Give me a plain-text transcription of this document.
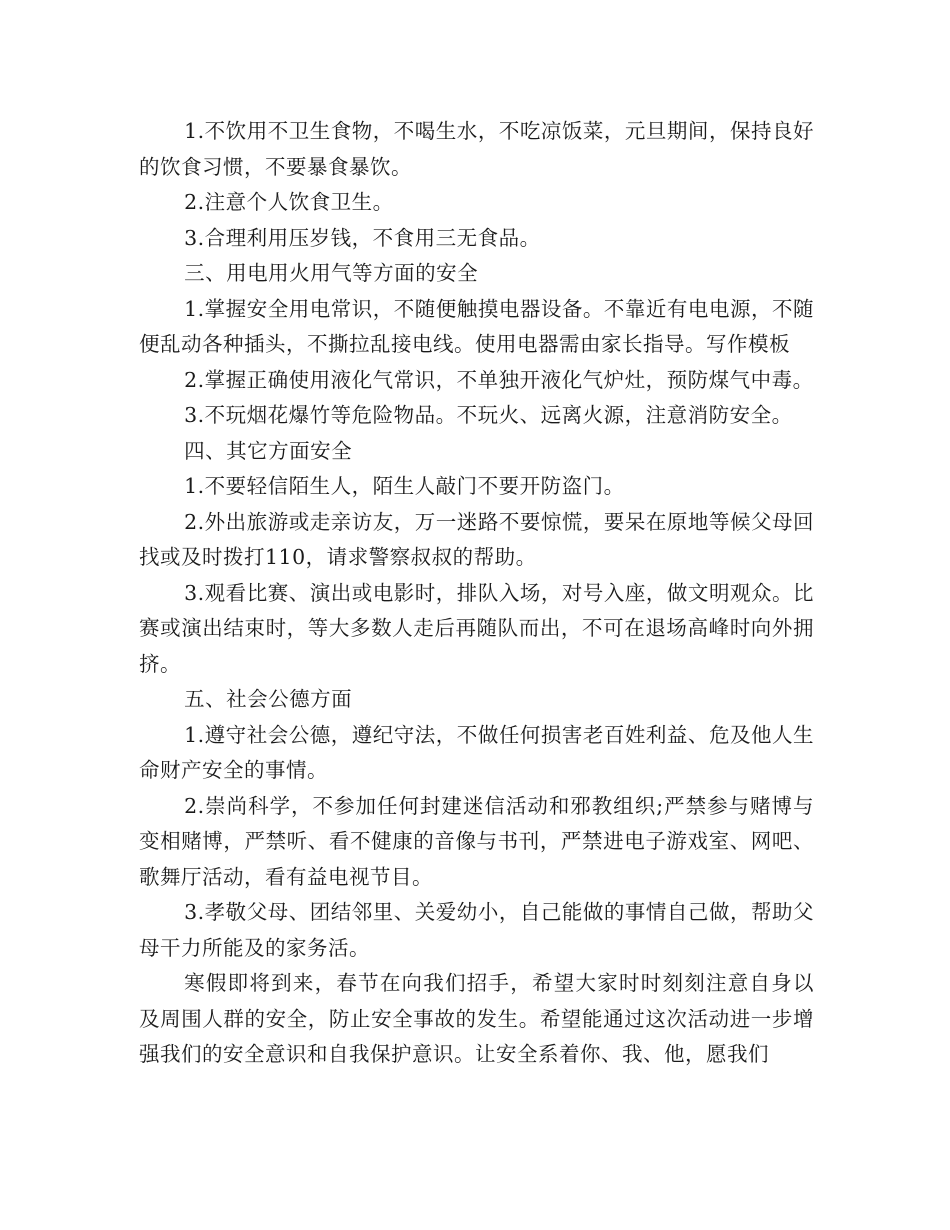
1.不饮用不卫生食物，不喝生水，不吃凉饭菜，元旦期间，保持良好的饮食习惯，不要暴食暴饮。

2.注意个人饮食卫生。

3.合理利用压岁钱，不食用三无食品。

三、用电用火用气等方面的安全

1.掌握安全用电常识，不随便触摸电器设备。不靠近有电电源，不随便乱动各种插头，不撕拉乱接电线。使用电器需由家长指导。写作模板

2.掌握正确使用液化气常识，不单独开液化气炉灶，预防煤气中毒。

3.不玩烟花爆竹等危险物品。不玩火、远离火源，注意消防安全。

四、其它方面安全

1.不要轻信陌生人，陌生人敲门不要开防盗门。

2.外出旅游或走亲访友，万一迷路不要惊慌，要呆在原地等候父母回找或及时拨打110，请求警察叔叔的帮助。

3.观看比赛、演出或电影时，排队入场，对号入座，做文明观众。比赛或演出结束时，等大多数人走后再随队而出，不可在退场高峰时向外拥挤。

五、社会公德方面

1.遵守社会公德，遵纪守法，不做任何损害老百姓利益、危及他人生命财产安全的事情。

2.崇尚科学，不参加任何封建迷信活动和邪教组织;严禁参与赌博与变相赌博，严禁听、看不健康的音像与书刊，严禁进电子游戏室、网吧、歌舞厅活动，看有益电视节目。

3.孝敬父母、团结邻里、关爱幼小，自己能做的事情自己做，帮助父母干力所能及的家务活。

寒假即将到来，春节在向我们招手，希望大家时时刻刻注意自身以及周围人群的安全，防止安全事故的发生。希望能通过这次活动进一步增强我们的安全意识和自我保护意识。让安全系着你、我、他，愿我们
